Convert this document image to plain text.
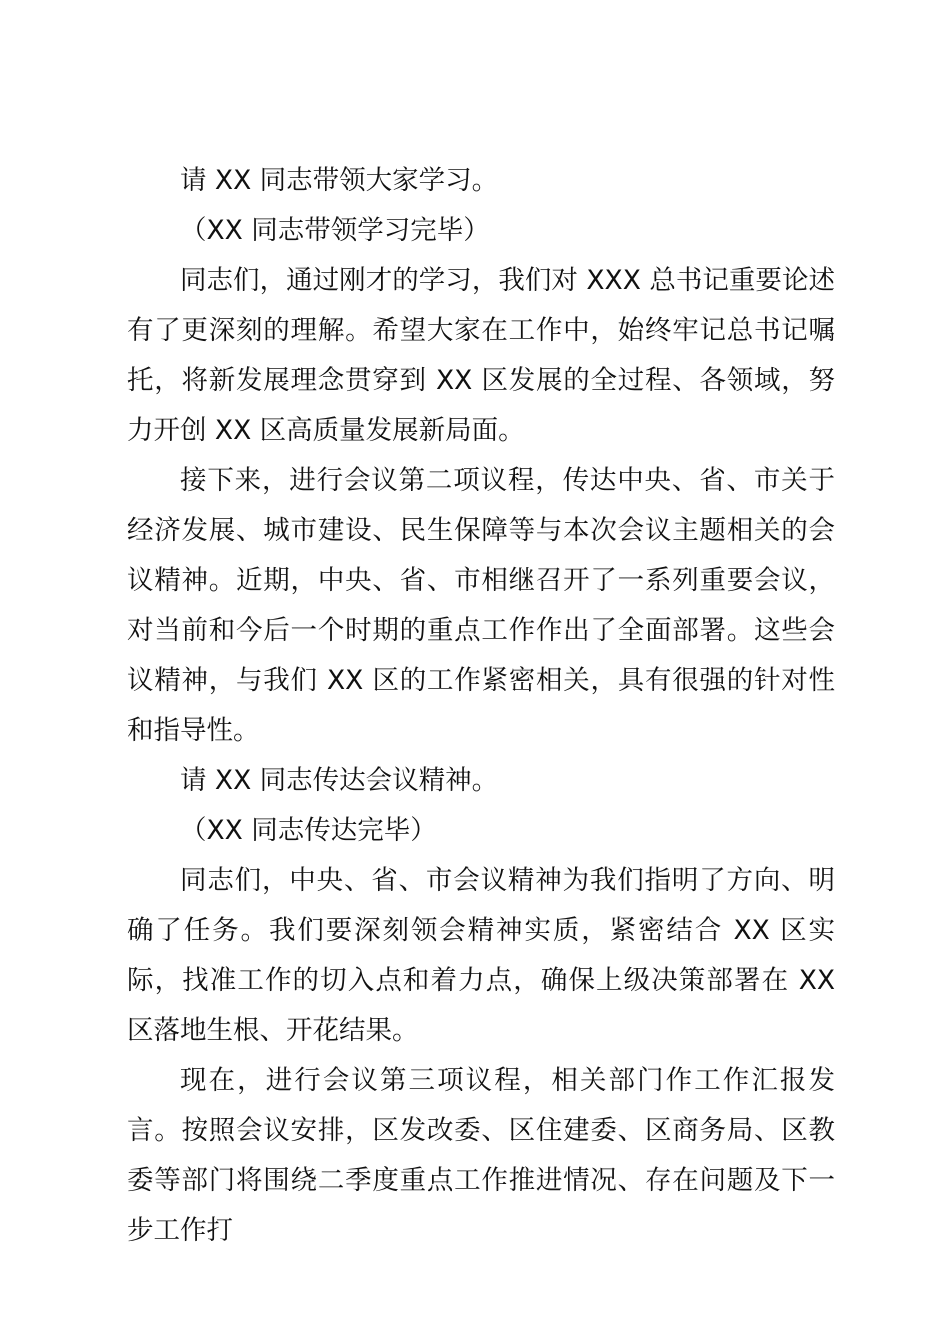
请 XX 同志带领大家学习。

（XX 同志带领学习完毕）

同志们，通过刚才的学习，我们对 XXX 总书记重要论述有了更深刻的理解。希望大家在工作中，始终牢记总书记嘱托，将新发展理念贯穿到 XX 区发展的全过程、各领域，努力开创 XX 区高质量发展新局面。

接下来，进行会议第二项议程，传达中央、省、市关于经济发展、城市建设、民生保障等与本次会议主题相关的会议精神。近期，中央、省、市相继召开了一系列重要会议，对当前和今后一个时期的重点工作作出了全面部署。这些会议精神，与我们 XX 区的工作紧密相关，具有很强的针对性和指导性。

请 XX 同志传达会议精神。

（XX 同志传达完毕）

同志们，中央、省、市会议精神为我们指明了方向、明确了任务。我们要深刻领会精神实质，紧密结合 XX 区实际，找准工作的切入点和着力点，确保上级决策部署在 XX 区落地生根、开花结果。

现在，进行会议第三项议程，相关部门作工作汇报发言。按照会议安排，区发改委、区住建委、区商务局、区教委等部门将围绕二季度重点工作推进情况、存在问题及下一步工作打
